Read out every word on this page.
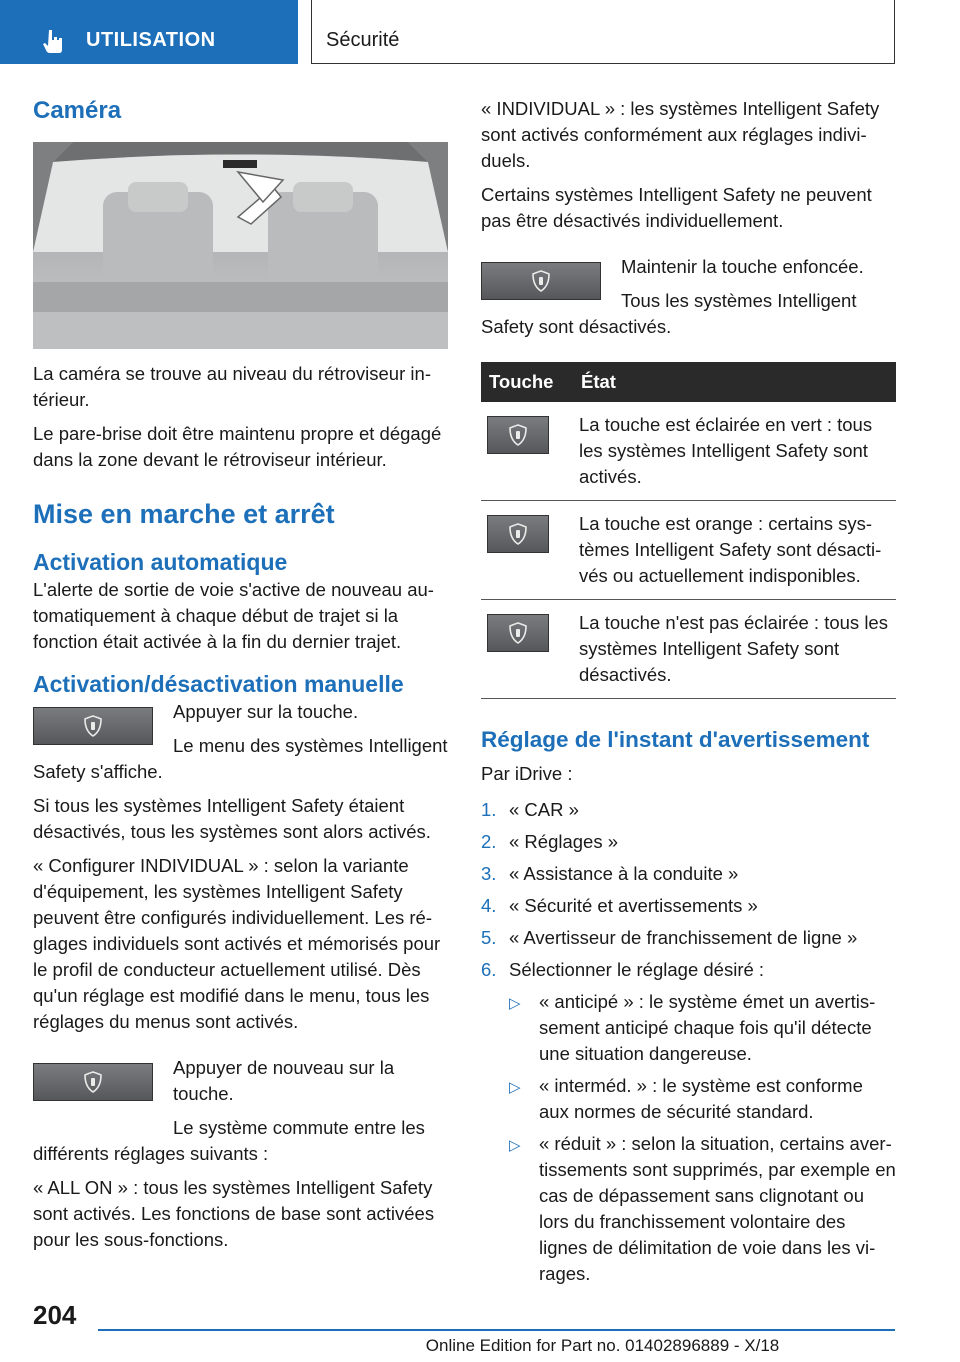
UTILISATION	Sécurité
Caméra

La caméra se trouve au niveau du rétroviseur intérieur.

Le pare-brise doit être maintenu propre et dégagé dans la zone devant le rétroviseur intérieur.

Mise en marche et arrêt
Activation automatique

L'alerte de sortie de voie s'active de nouveau automatiquement à chaque début de trajet si la fonction était activée à la fin du dernier trajet.

Activation/désactivation manuelle
Appuyer sur la touche.
Le menu des systèmes Intelligent Safety s'affiche.

Si tous les systèmes Intelligent Safety étaient désactivés, tous les systèmes sont alors activés.

« Configurer INDIVIDUAL » : selon la variante d'équipement, les systèmes Intelligent Safety peuvent être configurés individuellement. Les réglages individuels sont activés et mémorisés pour le profil de conducteur actuellement utilisé. Dès qu'un réglage est modifié dans le menu, tous les réglages du menus sont activés.

Appuyer de nouveau sur la touche.
Le système commute entre les différents réglages suivants :

« ALL ON » : tous les systèmes Intelligent Safety sont activés. Les fonctions de base sont activées pour les sous-fonctions.

« INDIVIDUAL » : les systèmes Intelligent Safety sont activés conformément aux réglages individuels.

Certains systèmes Intelligent Safety ne peuvent pas être désactivés individuellement.

Maintenir la touche enfoncée.
Tous les systèmes Intelligent Safety sont désactivés.
Touche	État

	La touche est éclairée en vert : tous les systèmes Intelligent Safety sont activés.

	La touche est orange : certains systèmes Intelligent Safety sont désactivés ou actuellement indisponibles.

	La touche n'est pas éclairée : tous les systèmes Intelligent Safety sont désactivés.
Réglage de l'instant d'avertissement

Par iDrive :

1. « CAR »
2. « Réglages »
3. « Assistance à la conduite »
4. « Sécurité et avertissements »
5. « Avertisseur de franchissement de ligne »
6. Sélectionner le réglage désiré :
▷ « anticipé » : le système émet un avertissement anticipé chaque fois qu'il détecte une situation dangereuse.
▷ « interméd. » : le système est conforme aux normes de sécurité standard.
▷ « réduit » : selon la situation, certains avertissements sont supprimés, par exemple en cas de dépassement sans clignotant ou lors du franchissement volontaire des lignes de délimitation de voie dans les virages.
204
Online Edition for Part no. 01402896889 - X/18
